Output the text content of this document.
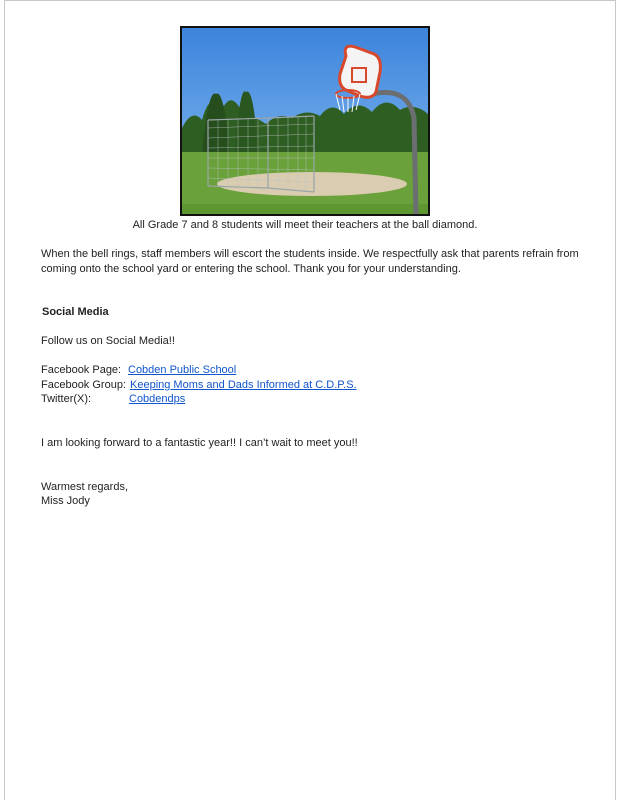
All Grade 7 and 8 students will meet their teachers at the ball diamond.
When the bell rings, staff members will escort the students inside. We respectfully ask that parents refrain from coming onto the school yard or entering the school. Thank you for your understanding.
Social Media
Follow us on Social Media!!
Facebook Page: Cobden Public School
Facebook Group: Keeping Moms and Dads Informed at C.D.P.S.
Twitter(X):	Cobdendps
I am looking forward to a fantastic year!! I can’t wait to meet you!!
Warmest regards,
Miss Jody
